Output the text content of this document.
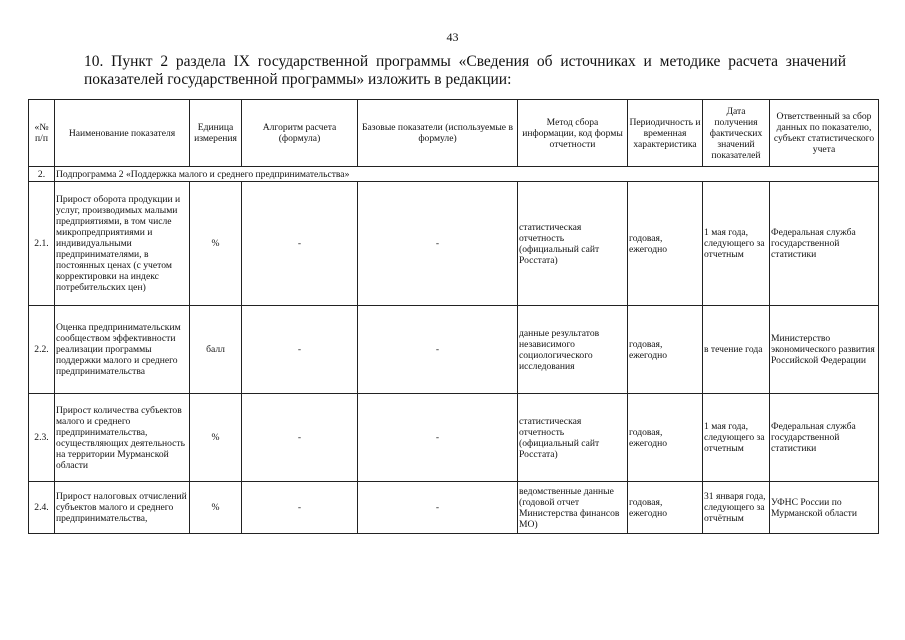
43
10. Пункт 2 раздела IX государственной программы «Сведения об источниках и методике расчета значений показателей государственной программы» изложить в редакции:
«№ п/п	Наименование показателя	Единица измерения	Алгоритм расчета (формула)	Базовые показатели (используемые в формуле)	Метод сбора информации, код формы отчетности	Периодичность и временная характеристика	Дата получения фактических значений показателей	Ответственный за сбор данных по показателю, субъект статистического учета
2.	Подпрограмма 2 «Поддержка малого и среднего предпринимательства»							
2.1.	Прирост оборота продукции и услуг, производимых малыми предприятиями, в том числе микропредприятиями и индивидуальными предпринимателями, в постоянных ценах (с учетом корректировки на индекс потребительских цен)	%	-	-	статистическая отчетность (официальный сайт Росстата)	годовая, ежегодно	1 мая года, следующего за отчетным	Федеральная служба государственной статистики
2.2.	Оценка предпринимательским сообществом эффективности реализации программы поддержки малого и среднего предпринимательства	балл	-	-	данные результатов независимого социологического исследования	годовая, ежегодно	в течение года	Министерство экономического развития Российской Федерации
2.3.	Прирост количества субъектов малого и среднего предпринимательства, осуществляющих деятельность на территории Мурманской области	%	-	-	статистическая отчетность (официальный сайт Росстата)	годовая, ежегодно	1 мая года, следующего за отчетным	Федеральная служба государственной статистики
2.4.	Прирост налоговых отчислений субъектов малого и среднего предпринимательства,	%	-	-	ведомственные данные (годовой отчет Министерства финансов МО)	годовая, ежегодно	31 января года, следующего за отчётным	УФНС России по Мурманской области
